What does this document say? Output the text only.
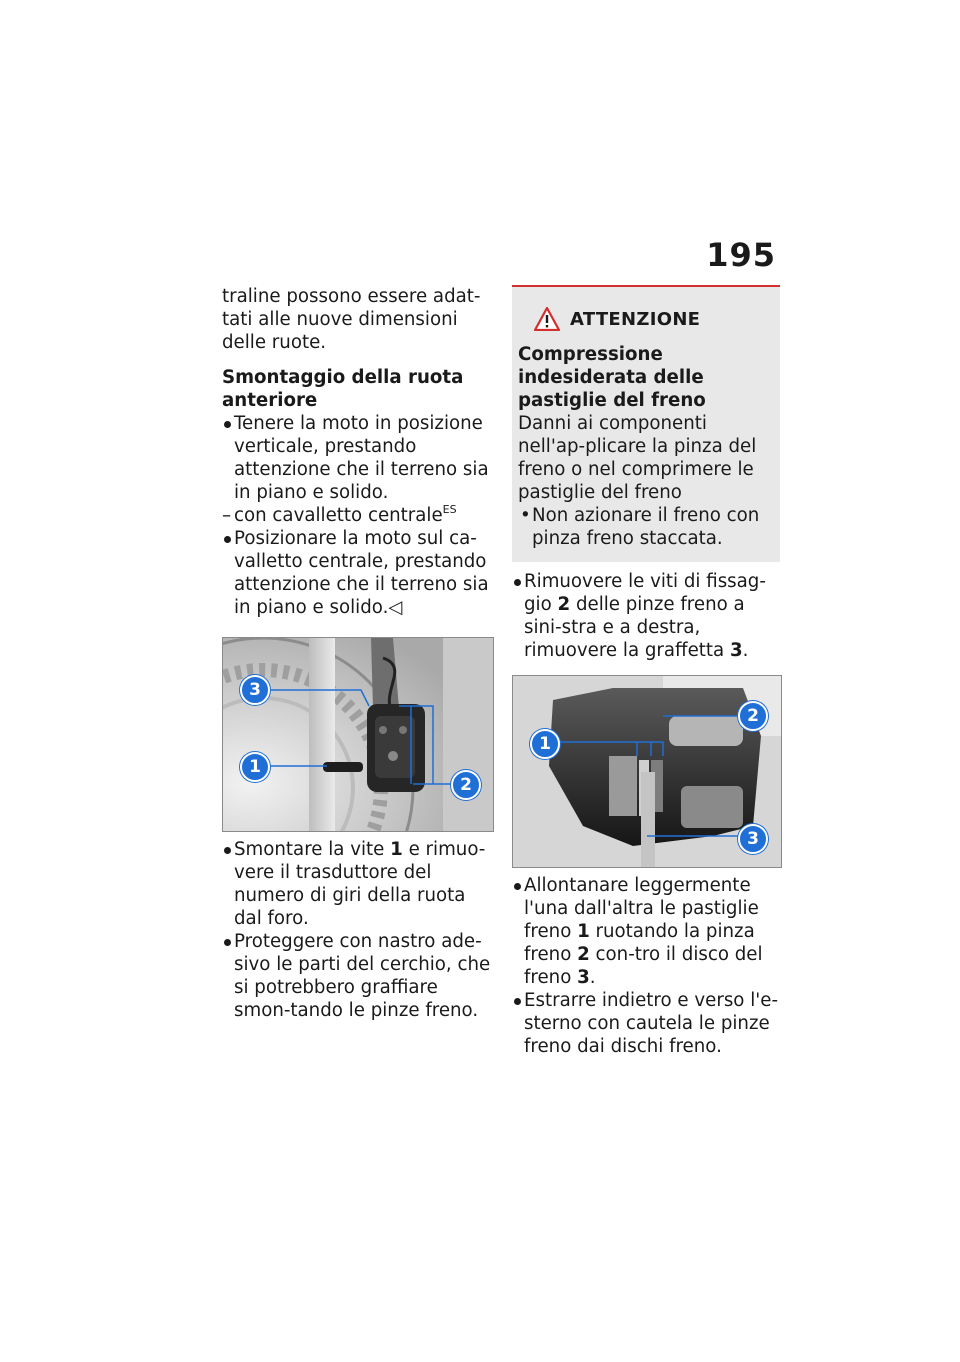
195

traline possono essere adat-tati alle nuove dimensioni delle ruote.

Smontaggio della ruota anteriore

Tenere la moto in posizione verticale, prestando attenzione che il terreno sia in piano e solido.

– con cavalletto centrale$^{ES}$

Posizionare la moto sul ca-valletto centrale, prestando attenzione che il terreno sia in piano e solido.◁

3
1
2

Smontare la vite 1 e rimuo-vere il trasduttore del numero di giri della ruota dal foro.

Proteggere con nastro ade-sivo le parti del cerchio, che si potrebbero graffiare smon-tando le pinze freno.

ATTENZIONE

Compressione indesiderata delle pastiglie del freno

Danni ai componenti nell'ap-plicare la pinza del freno o nel comprimere le pastiglie del freno

• Non azionare il freno con pinza freno staccata.

Rimuovere le viti di fissag-gio 2 delle pinze freno a sini-stra e a destra, rimuovere la graffetta 3.

2
1
3

Allontanare leggermente l'una dall'altra le pastiglie freno 1 ruotando la pinza freno 2 con-tro il disco del freno 3.

Estrarre indietro e verso l'e-sterno con cautela le pinze freno dai dischi freno.
